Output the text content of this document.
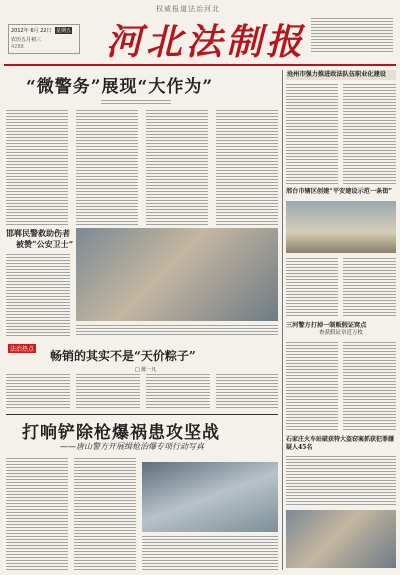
权威报道法治河北
2012年 6月 22日 星期五
农历五月初三
4288 河北法制报
“微警务”展现“大作为”
邯郸民警救助伤者
被赞“公安卫士”
法治热点 畅销的其实不是“天价粽子”
□ 陈一凡
打响铲除枪爆祸患攻坚战
——唐山警方开展缉枪治爆专项行动写真
沧州市强力推进政法队伍职业化建设
邢台市辖区创建“平安建设示范一条街”
三河警方打掉一制贩假证窝点
查获假证章近万枚
石家庄火车站破获特大盗窃案抓获犯罪嫌疑人45名
